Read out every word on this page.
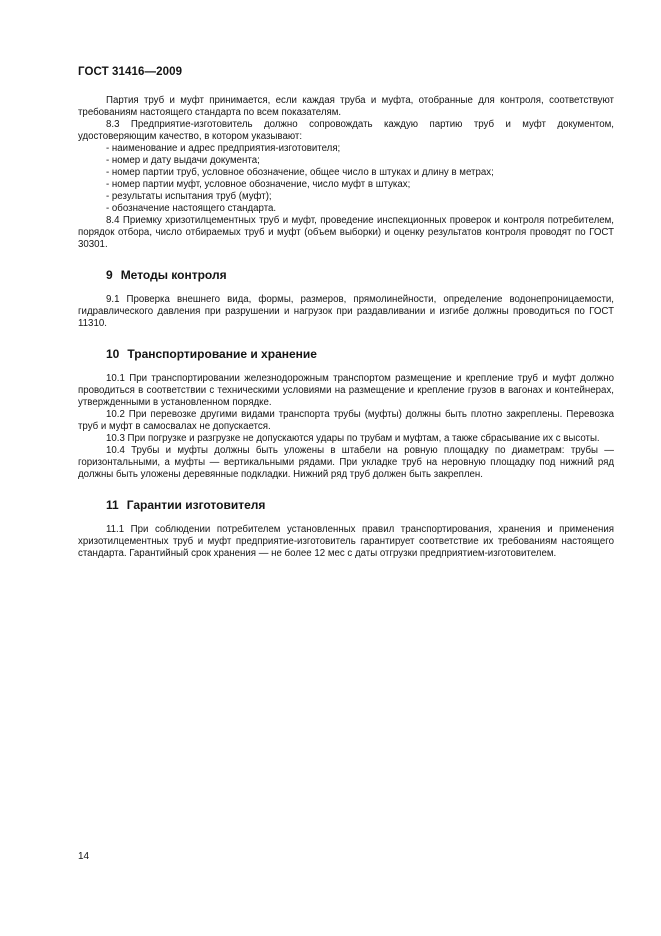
ГОСТ 31416—2009

Партия труб и муфт принимается, если каждая труба и муфта, отобранные для контроля, соответствуют требованиям настоящего стандарта по всем показателям.

8.3 Предприятие-изготовитель должно сопровождать каждую партию труб и муфт документом, удостоверяющим качество, в котором указывают:

- наименование и адрес предприятия-изготовителя;
- номер и дату выдачи документа;
- номер партии труб, условное обозначение, общее число в штуках и длину в метрах;
- номер партии муфт, условное обозначение, число муфт в штуках;
- результаты испытания труб (муфт);
- обозначение настоящего стандарта.

8.4 Приемку хризотилцементных труб и муфт, проведение инспекционных проверок и контроля потребителем, порядок отбора, число отбираемых труб и муфт (объем выборки) и оценку результатов контроля проводят по ГОСТ 30301.

9 Методы контроля

9.1 Проверка внешнего вида, формы, размеров, прямолинейности, определение водонепроницаемости, гидравлического давления при разрушении и нагрузок при раздавливании и изгибе должны проводиться по ГОСТ 11310.

10 Транспортирование и хранение

10.1 При транспортировании железнодорожным транспортом размещение и крепление труб и муфт должно проводиться в соответствии с техническими условиями на размещение и крепление грузов в вагонах и контейнерах, утвержденными в установленном порядке.

10.2 При перевозке другими видами транспорта трубы (муфты) должны быть плотно закреплены. Перевозка труб и муфт в самосвалах не допускается.

10.3 При погрузке и разгрузке не допускаются удары по трубам и муфтам, а также сбрасывание их с высоты.

10.4 Трубы и муфты должны быть уложены в штабели на ровную площадку по диаметрам: трубы — горизонтальными, а муфты — вертикальными рядами. При укладке труб на неровную площадку под нижний ряд должны быть уложены деревянные подкладки. Нижний ряд труб должен быть закреплен.

11 Гарантии изготовителя

11.1 При соблюдении потребителем установленных правил транспортирования, хранения и применения хризотилцементных труб и муфт предприятие-изготовитель гарантирует соответствие их требованиям настоящего стандарта. Гарантийный срок хранения — не более 12 мес с даты отгрузки предприятием-изготовителем.

14
